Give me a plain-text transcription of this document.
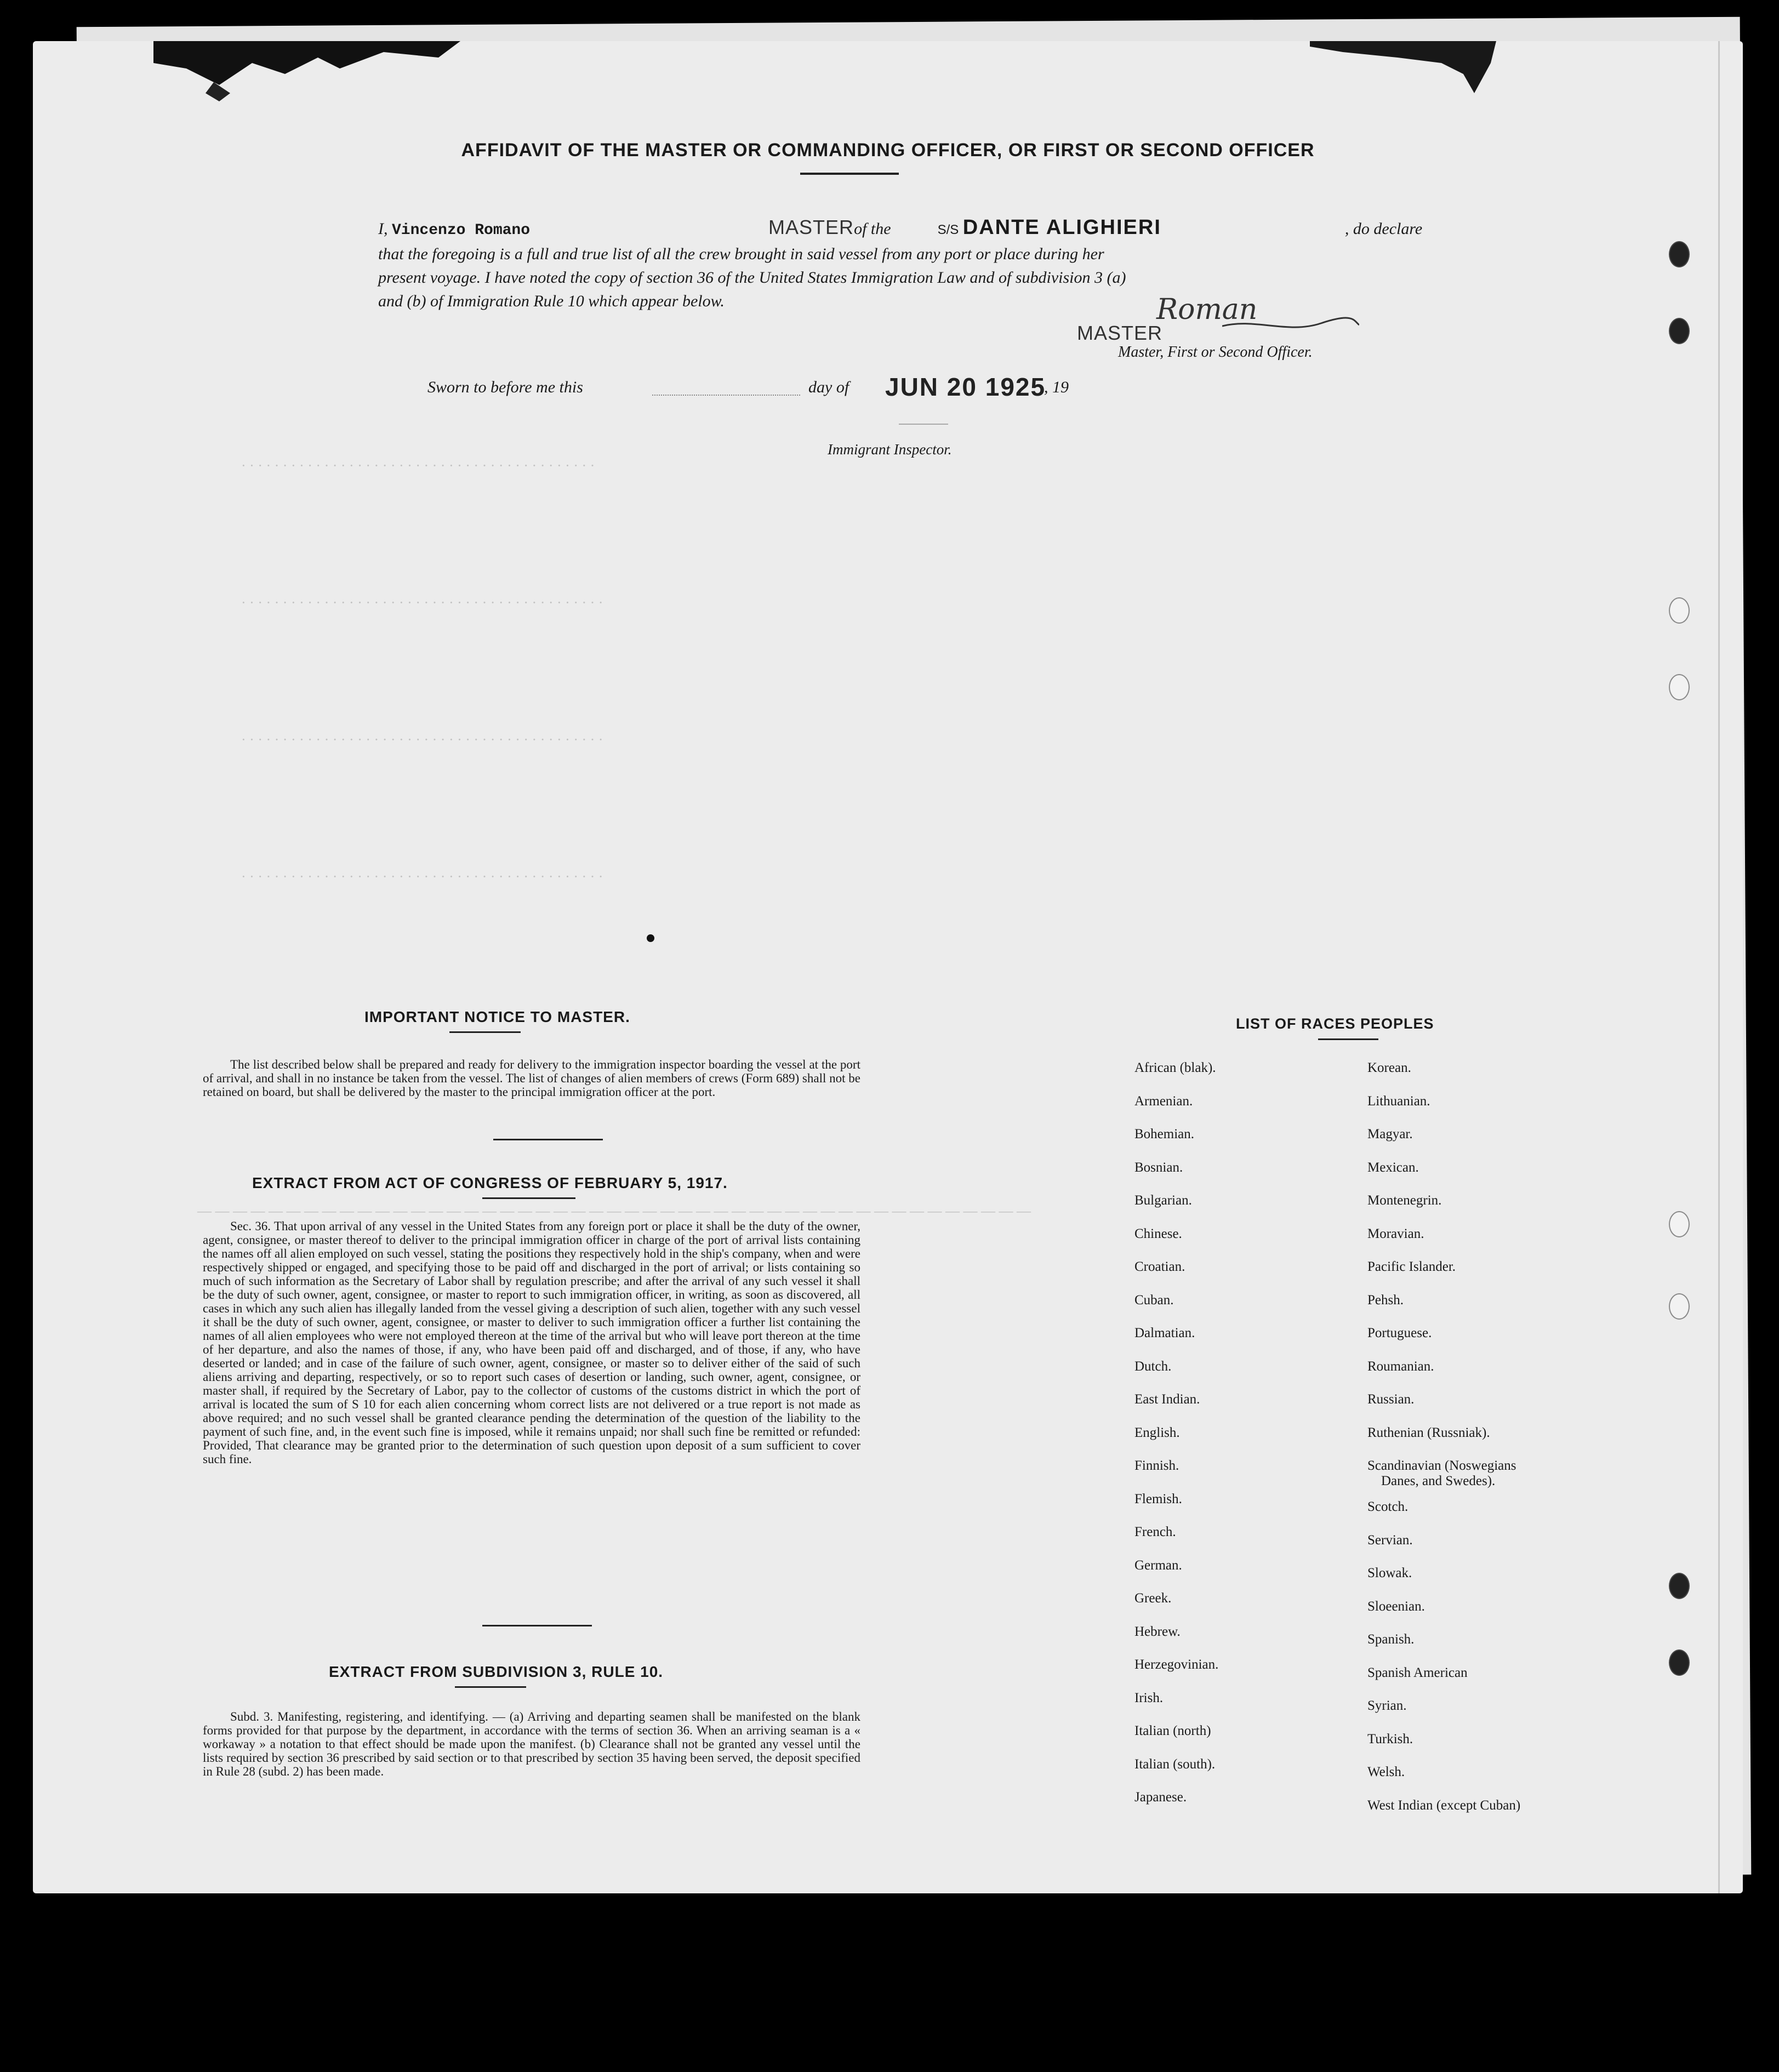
· · · · · · · · · · · · · · · · · · · · · · · · · · · · · · · · · · · · · · · · · · ·
· · · · · · · · · · · · · · · · · · · · · · · · · · · · · · · · · · · · · · · · · · · ·
· · · · · · · · · · · · · · · · · · · · · · · · · · · · · · · · · · · · · · · · · · · ·
· · · · · · · · · · · · · · · · · · · · · · · · · · · · · · · · · · · · · · · · · · · ·
— — — — — — — — — — — — — — — — — — — — — — — — — — — — — — — — — — — — — — — — — — — — — — —
AFFIDAVIT OF THE MASTER OR COMMANDING OFFICER, OR FIRST OR SECOND OFFICER
I, Vincenzo Romano	MASTERof the	S/S DANTE ALIGHIERI	, do declare
that the foregoing is a full and true list of all the crew brought in said vessel from any port or place during her
present voyage. I have noted the copy of section 36 of the United States Immigration Law and of subdivision 3 (a)
and (b) of Immigration Rule 10 which appear below.	Roman
MASTER
Master, First or Second Officer.
Sworn to before me this	day of JUN 20 1925
, 19
Immigrant Inspector.
IMPORTANT NOTICE TO MASTER.
The list described below shall be prepared and ready for delivery to the immigration inspector boarding the vessel at the port of arrival, and shall in no instance be taken from the vessel. The list of changes of alien members of crews (Form 689) shall not be retained on board, but shall be delivered by the master to the principal immigration officer at the port.
EXTRACT FROM ACT OF CONGRESS OF FEBRUARY 5, 1917.
Sec. 36. That upon arrival of any vessel in the United States from any foreign port or place it shall be the duty of the owner, agent, consignee, or master thereof to deliver to the principal immigration officer in charge of the port of arrival lists containing the names off all alien employed on such vessel, stating the positions they respectively hold in the ship's company, when and were respectively shipped or engaged, and specifying those to be paid off and discharged in the port of arrival; or lists containing so much of such information as the Secretary of Labor shall by regulation prescribe; and after the arrival of any such vessel it shall be the duty of such owner, agent, consignee, or master to report to such immigration officer, in writing, as soon as discovered, all cases in which any such alien has illegally landed from the vessel giving a description of such alien, together with any such vessel it shall be the duty of such owner, agent, consignee, or master to deliver to such immigration officer a further list containing the names of all alien employees who were not employed thereon at the time of the arrival but who will leave port thereon at the time of her departure, and also the names of those, if any, who have been paid off and discharged, and of those, if any, who have deserted or landed; and in case of the failure of such owner, agent, consignee, or master so to deliver either of the said of such aliens arriving and departing, respectively, or so to report such cases of desertion or landing, such owner, agent, consignee, or master shall, if required by the Secretary of Labor, pay to the collector of customs of the customs district in which the port of arrival is located the sum of S 10 for each alien concerning whom correct lists are not delivered or a true report is not made as above required; and no such vessel shall be granted clearance pending the determination of the question of the liability to the payment of such fine, and, in the event such fine is imposed, while it remains unpaid; nor shall such fine be remitted or refunded: Provided, That clearance may be granted prior to the determination of such question upon deposit of a sum sufficient to cover such fine.
EXTRACT FROM SUBDIVISION 3, RULE 10.
Subd. 3. Manifesting, registering, and identifying. — (a) Arriving and departing seamen shall be manifested on the blank forms provided for that purpose by the department, in accordance with the terms of section 36. When an arriving seaman is a « workaway » a notation to that effect should be made upon the manifest. (b) Clearance shall not be granted any vessel until the lists required by section 36 prescribed by said section or to that prescribed by section 35 having been served, the deposit specified in Rule 28 (subd. 2) has been made.
LIST OF RACES PEOPLES
African (blak).
Armenian.
Bohemian.
Bosnian.
Bulgarian.
Chinese.
Croatian.
Cuban.
Dalmatian.
Dutch.
East Indian.
English.
Finnish.
Flemish.
French.
German.
Greek.
Hebrew.
Herzegovinian.
Irish.
Italian (north)
Italian (south).
Japanese.
Korean.
Lithuanian.
Magyar.
Mexican.
Montenegrin.
Moravian.
Pacific Islander.
Pehsh.
Portuguese.
Roumanian.
Russian.
Ruthenian (Russniak).
Scandinavian (Noswegians
Danes, and Swedes).
Scotch.
Servian.
Slowak.
Sloeenian.
Spanish.
Spanish American
Syrian.
Turkish.
Welsh.
West Indian (except Cuban)
